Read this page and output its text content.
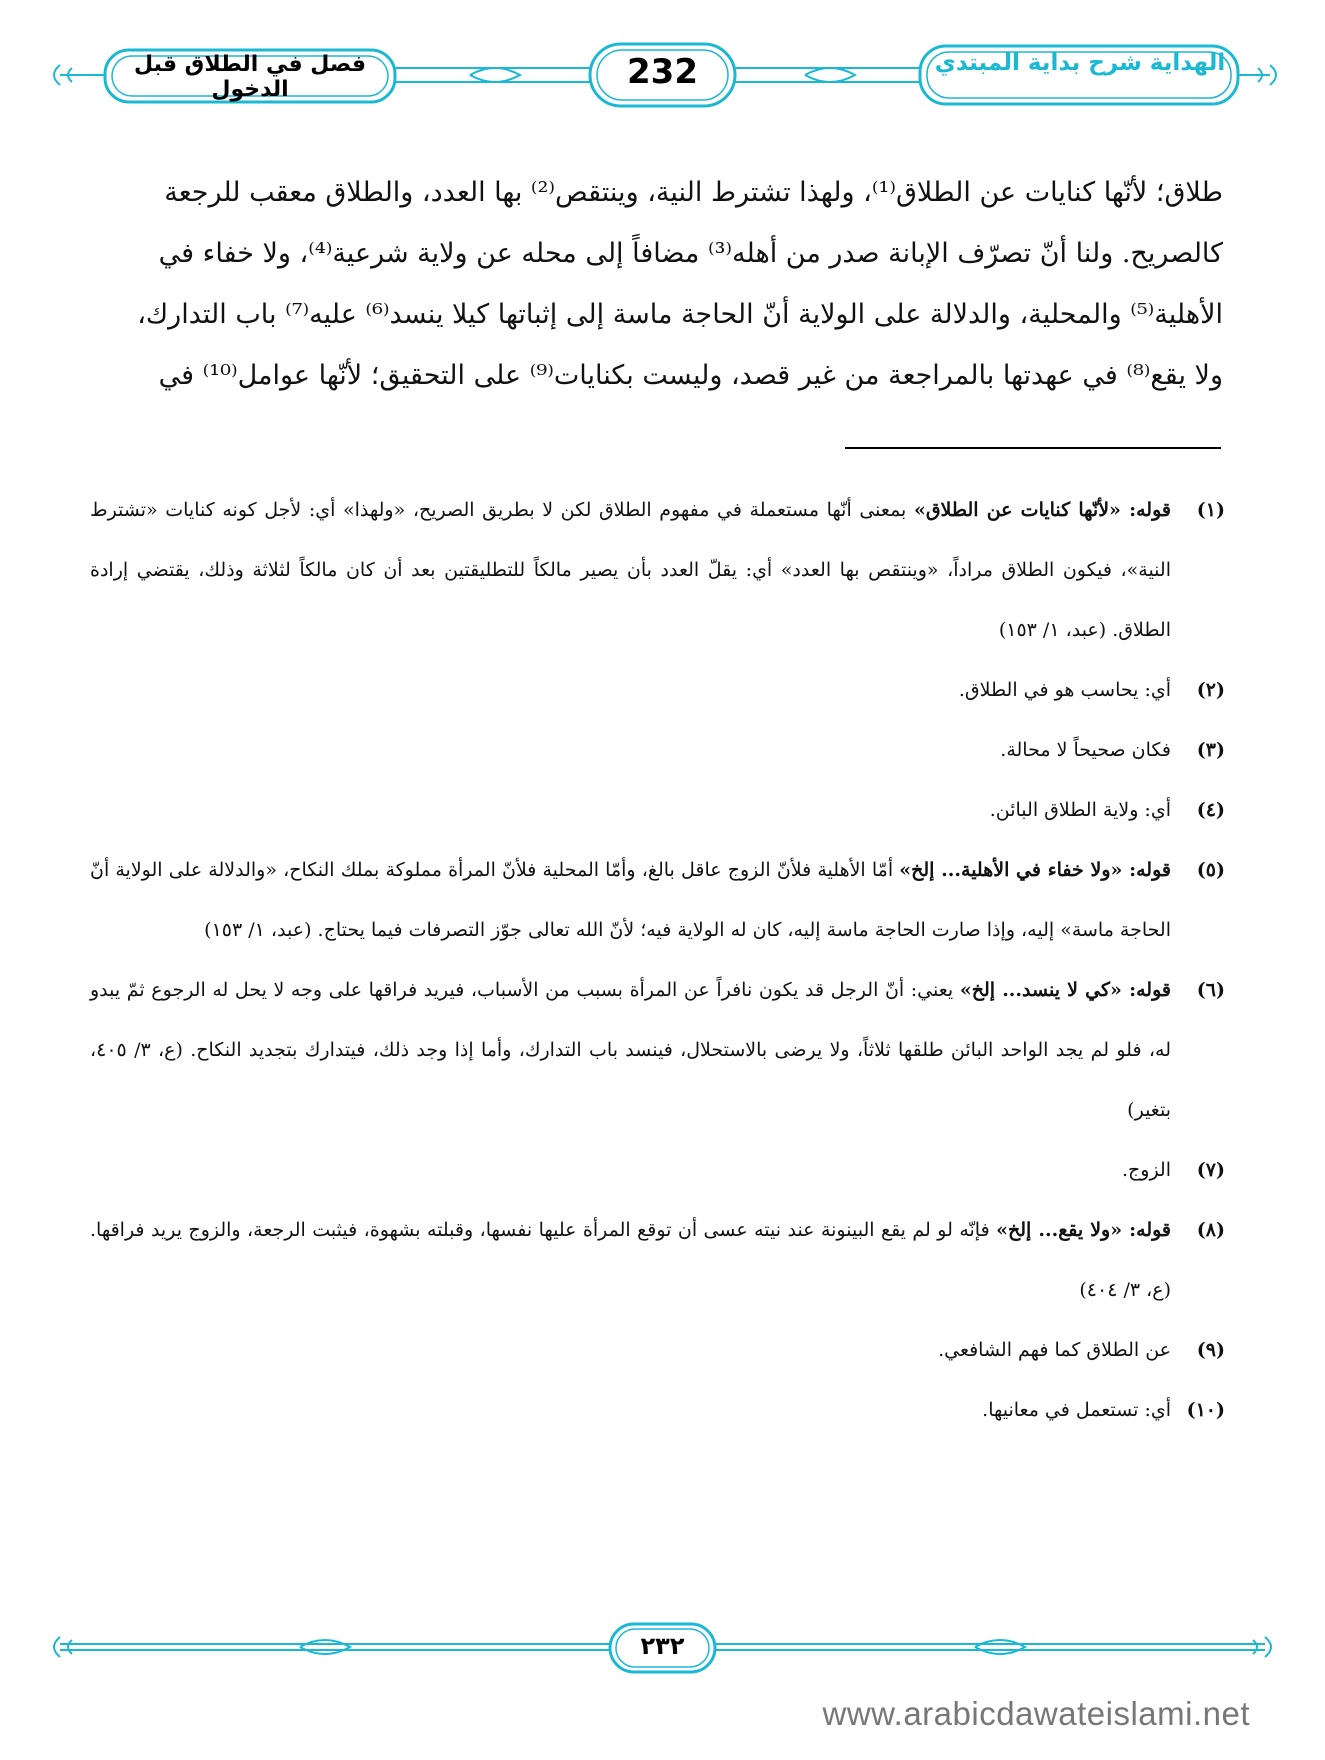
فصل في الطلاق قبل الدخول	232	الهداية شرح بداية المبتدي

طلاق؛ لأنّها كنايات عن الطلاق⁽¹⁾، ولهذا تشترط النية، وينتقص⁽²⁾ بها العدد، والطلاق معقب للرجعة

كالصريح. ولنا أنّ تصرّف الإبانة صدر من أهله⁽³⁾ مضافاً إلى محله عن ولاية شرعية⁽⁴⁾، ولا خفاء في

الأهلية⁽⁵⁾ والمحلية، والدلالة على الولاية أنّ الحاجة ماسة إلى إثباتها كيلا ينسد⁽⁶⁾ عليه⁽⁷⁾ باب التدارك،

ولا يقع⁽⁸⁾ في عهدتها بالمراجعة من غير قصد، وليست بكنايات⁽⁹⁾ على التحقيق؛ لأنّها عوامل⁽¹⁰⁾ في

(١)
قوله: «لأنّها كنايات عن الطلاق» بمعنى أنّها مستعملة في مفهوم الطلاق لكن لا بطريق الصريح، «ولهذا» أي: لأجل كونه كنايات «تشترط النية»، فيكون الطلاق مراداً، «وينتقص بها العدد» أي: يقلّ العدد بأن يصير مالكاً للتطليقتين بعد أن كان مالكاً لثلاثة وذلك، يقتضي إرادة الطلاق. (عبد، ١/ ١٥٣)

(٢)
أي: يحاسب هو في الطلاق.

(٣)
فكان صحيحاً لا محالة.

(٤)
أي: ولاية الطلاق البائن.

(٥)
قوله: «ولا خفاء في الأهلية... إلخ» أمّا الأهلية فلأنّ الزوج عاقل بالغ، وأمّا المحلية فلأنّ المرأة مملوكة بملك النكاح، «والدلالة على الولاية أنّ الحاجة ماسة» إليه، وإذا صارت الحاجة ماسة إليه، كان له الولاية فيه؛ لأنّ الله تعالى جوّز التصرفات فيما يحتاج. (عبد، ١/ ١٥٣)

(٦)
قوله: «كي لا ينسد... إلخ» يعني: أنّ الرجل قد يكون نافراً عن المرأة بسبب من الأسباب، فيريد فراقها على وجه لا يحل له الرجوع ثمّ يبدو له، فلو لم يجد الواحد البائن طلقها ثلاثاً، ولا يرضى بالاستحلال، فينسد باب التدارك، وأما إذا وجد ذلك، فيتدارك بتجديد النكاح. (ع، ٣/ ٤٠٥، بتغير)

(٧)
الزوج.

(٨)
قوله: «ولا يقع... إلخ» فإنّه لو لم يقع البينونة عند نيته عسى أن توقع المرأة عليها نفسها، وقبلته بشهوة، فيثبت الرجعة، والزوج يريد فراقها. (ع، ٣/ ٤٠٤)

(٩)
عن الطلاق كما فهم الشافعي.

(١٠)
أي: تستعمل في معانيها.

٢٣٢
www.arabicdawateislami.net
